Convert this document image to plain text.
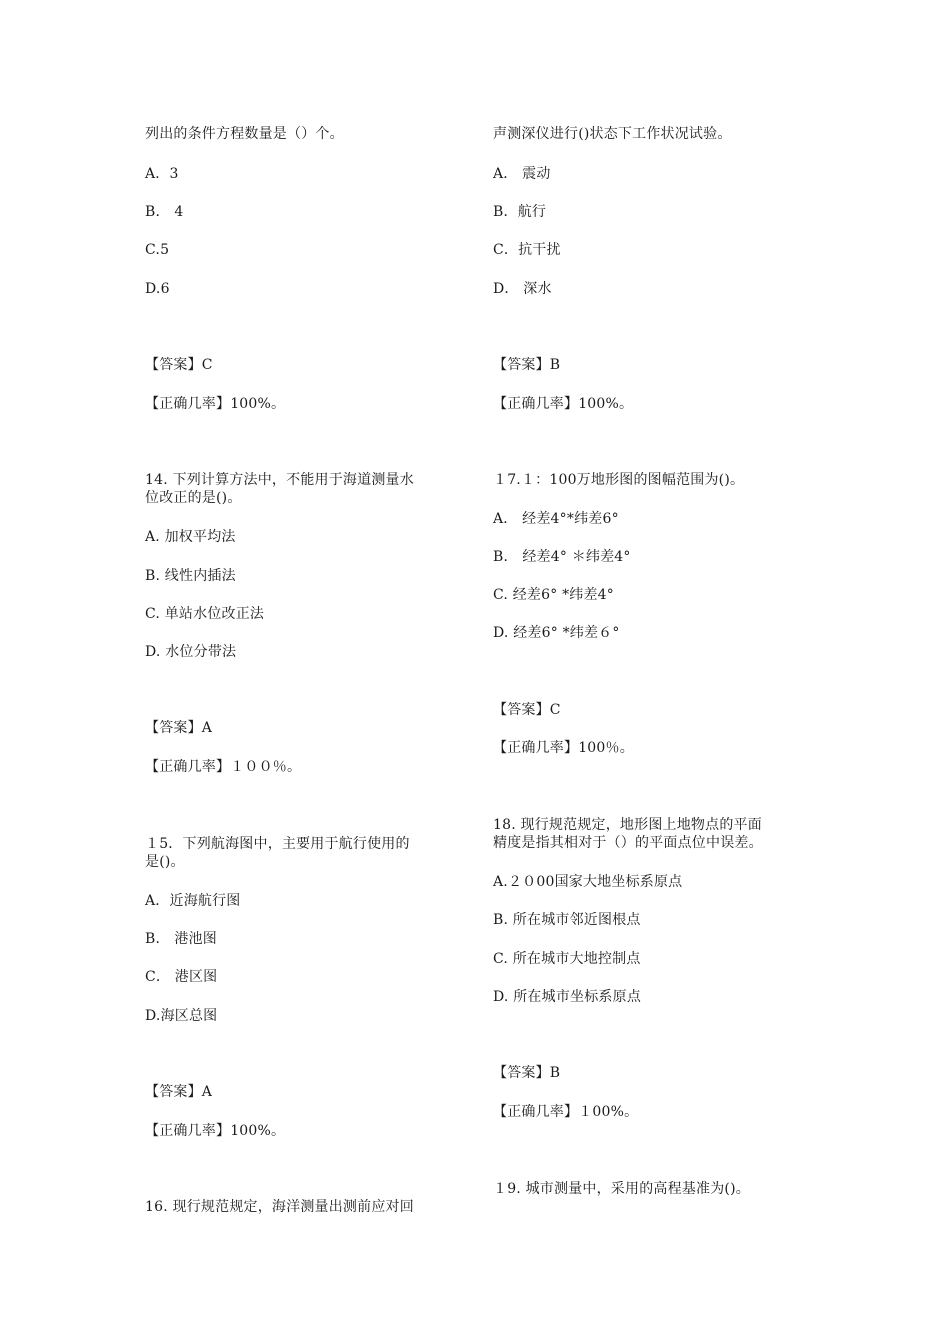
列出的条件方程数量是（）个。
A．3
B． 4
C.5
D.6
【答案】C
【正确几率】100%。
14. 下列计算方法中，不能用于海道测量水
位改正的是()。
A. 加权平均法
B. 线性内插法
C. 单站水位改正法
D. 水位分带法
【答案】A
【正确几率】１００％。
１5．下列航海图中，主要用于航行使用的
是()。
A．近海航行图
B． 港池图
C． 港区图
D.海区总图
【答案】A
【正确几率】100%。
16. 现行规范规定，海洋测量出测前应对回
声测深仪进行()状态下工作状况试验。
A． 震动
B．航行
C．抗干扰
D． 深水
【答案】B
【正确几率】100%。
１7.１：100万地形图的图幅范围为()。
A． 经差4°*纬差6°
B． 经差4° ＊纬差4°
C. 经差6° *纬差4°
D. 经差6° *纬差６°
【答案】C
【正确几率】100％。
18. 现行规范规定，地形图上地物点的平面
精度是指其相对于（）的平面点位中误差。
A.２０00国家大地坐标系原点
B. 所在城市邻近图根点
C. 所在城市大地控制点
D. 所在城市坐标系原点
【答案】B
【正确几率】１00%。
１9. 城市测量中，采用的高程基准为()。
